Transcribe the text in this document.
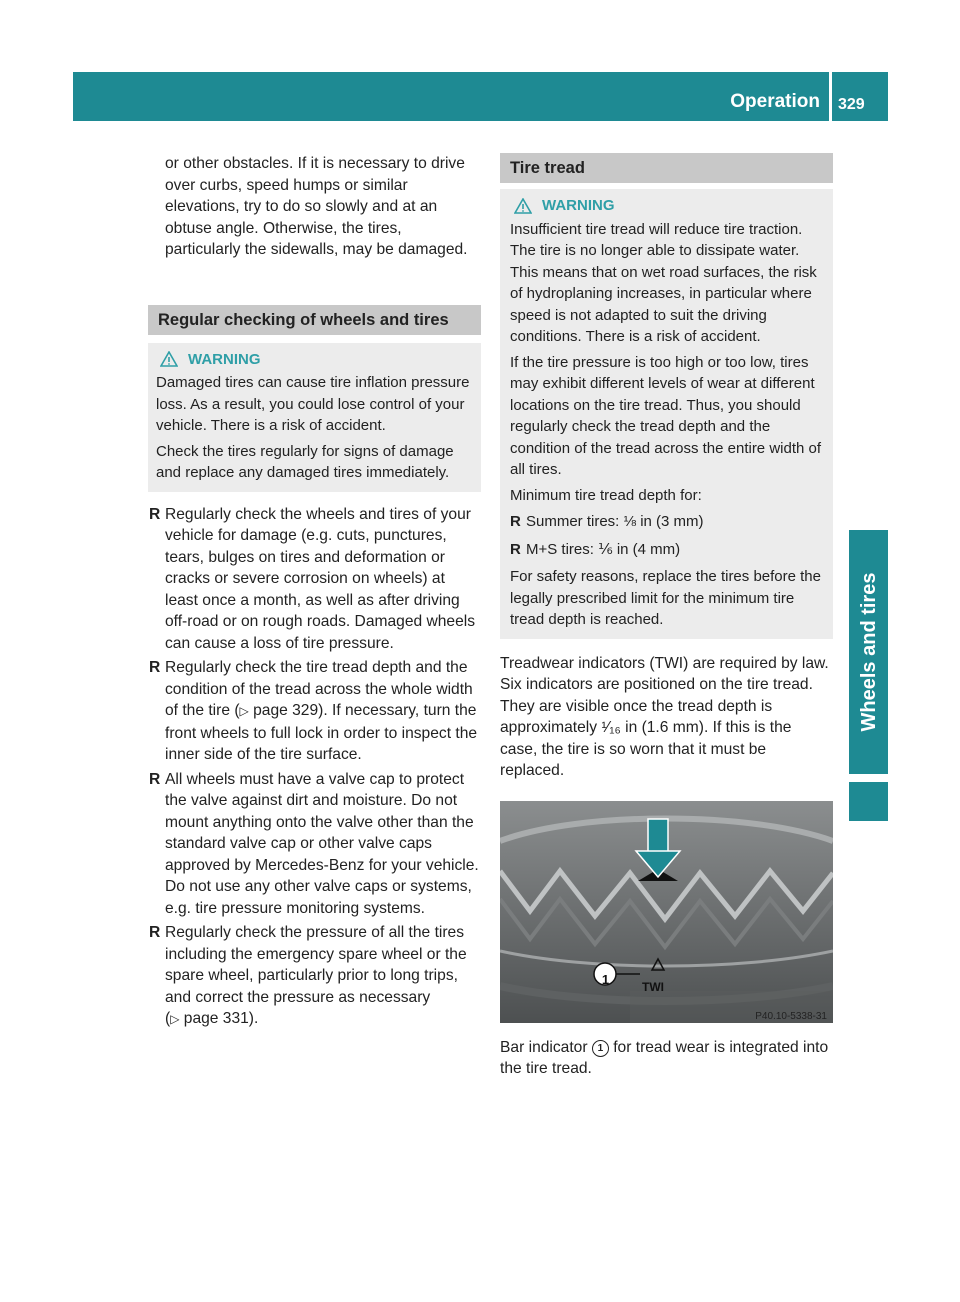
Operation 329
Wheels and tires

or other obstacles. If it is necessary to drive over curbs, speed humps or similar elevations, try to do so slowly and at an obtuse angle. Otherwise, the tires, particularly the sidewalls, may be damaged.

Regular checking of wheels and tires
WARNING

Damaged tires can cause tire inflation pressure loss. As a result, you could lose control of your vehicle. There is a risk of accident.

Check the tires regularly for signs of damage and replace any damaged tires immediately.

R Regularly check the wheels and tires of your vehicle for damage (e.g. cuts, punctures, tears, bulges on tires and deformation or cracks or severe corrosion on wheels) at least once a month, as well as after driving off-road or on rough roads. Damaged wheels can cause a loss of tire pressure.
R Regularly check the tire tread depth and the condition of the tread across the whole width of the tire (▷ page 329). If necessary, turn the front wheels to full lock in order to inspect the inner side of the tire surface.
R All wheels must have a valve cap to protect the valve against dirt and moisture. Do not mount anything onto the valve other than the standard valve cap or other valve caps approved by Mercedes-Benz for your vehicle. Do not use any other valve caps or systems, e.g. tire pressure monitoring systems.
R Regularly check the pressure of all the tires including the emergency spare wheel or the spare wheel, particularly prior to long trips, and correct the pressure as necessary
(▷ page 331).
Tire tread
WARNING

Insufficient tire tread will reduce tire traction. The tire is no longer able to dissipate water. This means that on wet road surfaces, the risk of hydroplaning increases, in particular where speed is not adapted to suit the driving conditions. There is a risk of accident.

If the tire pressure is too high or too low, tires may exhibit different levels of wear at different locations on the tire tread. Thus, you should regularly check the tread depth and the condition of the tread across the entire width of all tires.

Minimum tire tread depth for:

R Summer tires: ⅛ in (3 mm)
R M+S tires: ⅙ in (4 mm)

For safety reasons, replace the tires before the legally prescribed limit for the minimum tire tread depth is reached.

Treadwear indicators (TWI) are required by law. Six indicators are positioned on the tire tread. They are visible once the tread depth is approximately ¹⁄₁₆ in (1.6 mm). If this is the case, the tire is so worn that it must be replaced.

1	TWI
P40.10-5338-31

Bar indicator 1 for tread wear is integrated into the tire tread.
